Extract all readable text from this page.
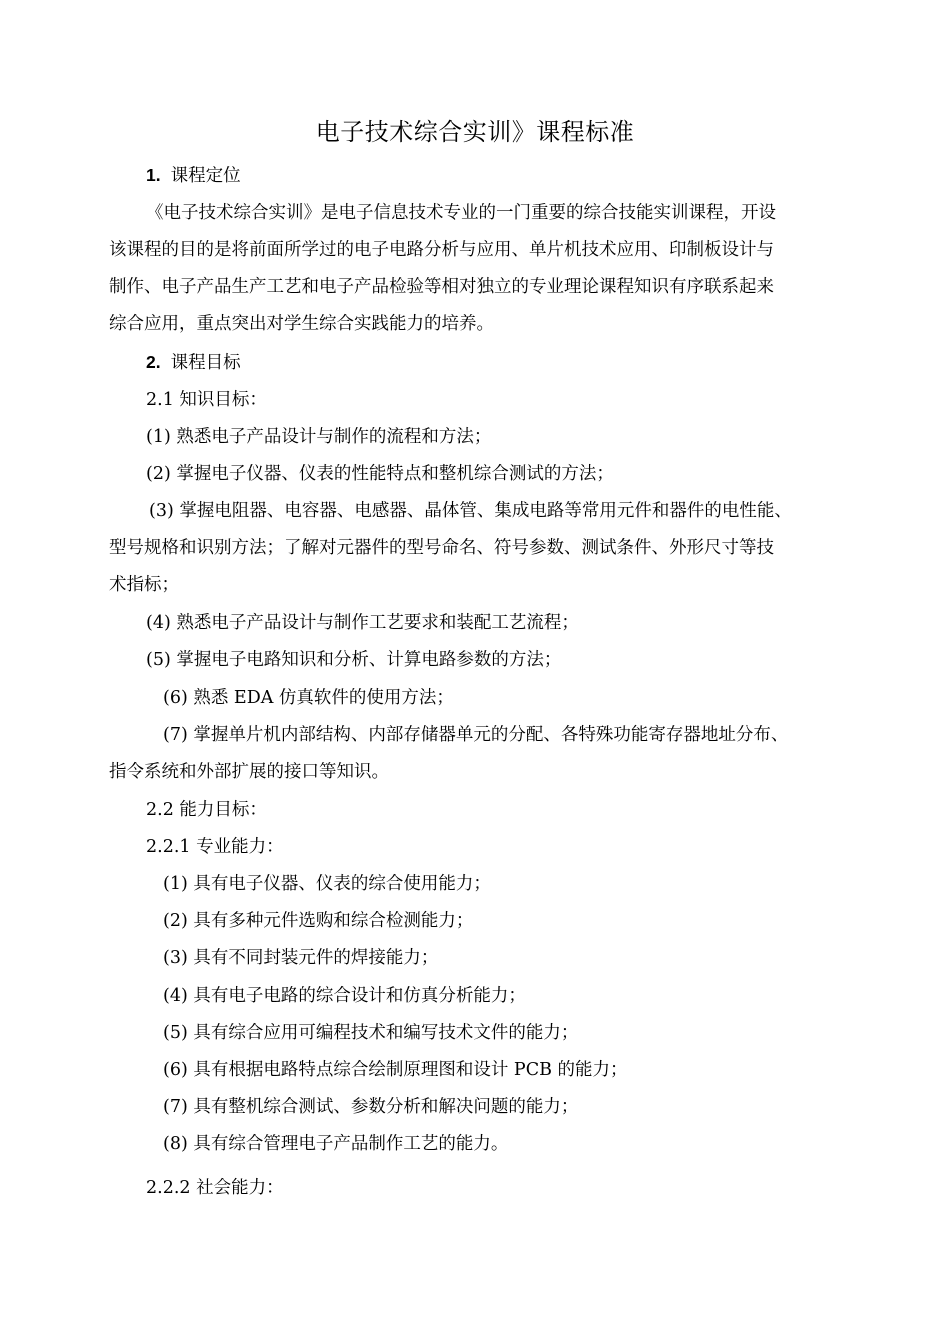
电子技术综合实训》课程标准
1. 课程定位
《电子技术综合实训》是电子信息技术专业的一门重要的综合技能实训课程，开设
该课程的目的是将前面所学过的电子电路分析与应用、单片机技术应用、印制板设计与
制作、电子产品生产工艺和电子产品检验等相对独立的专业理论课程知识有序联系起来
综合应用，重点突出对学生综合实践能力的培养。
2. 课程目标
2.1 知识目标：
(1) 熟悉电子产品设计与制作的流程和方法；
(2) 掌握电子仪器、仪表的性能特点和整机综合测试的方法；
(3) 掌握电阻器、电容器、电感器、晶体管、集成电路等常用元件和器件的电性能、
型号规格和识别方法；了解对元器件的型号命名、符号参数、测试条件、外形尺寸等技
术指标；
(4) 熟悉电子产品设计与制作工艺要求和装配工艺流程；
(5) 掌握电子电路知识和分析、计算电路参数的方法；
(6) 熟悉 EDA 仿真软件的使用方法；
(7) 掌握单片机内部结构、内部存储器单元的分配、各特殊功能寄存器地址分布、
指令系统和外部扩展的接口等知识。
2.2 能力目标：
2.2.1 专业能力：
(1) 具有电子仪器、仪表的综合使用能力；
(2) 具有多种元件选购和综合检测能力；
(3) 具有不同封装元件的焊接能力；
(4) 具有电子电路的综合设计和仿真分析能力；
(5) 具有综合应用可编程技术和编写技术文件的能力；
(6) 具有根据电路特点综合绘制原理图和设计 PCB 的能力；
(7) 具有整机综合测试、参数分析和解决问题的能力；
(8) 具有综合管理电子产品制作工艺的能力。
2.2.2 社会能力：
